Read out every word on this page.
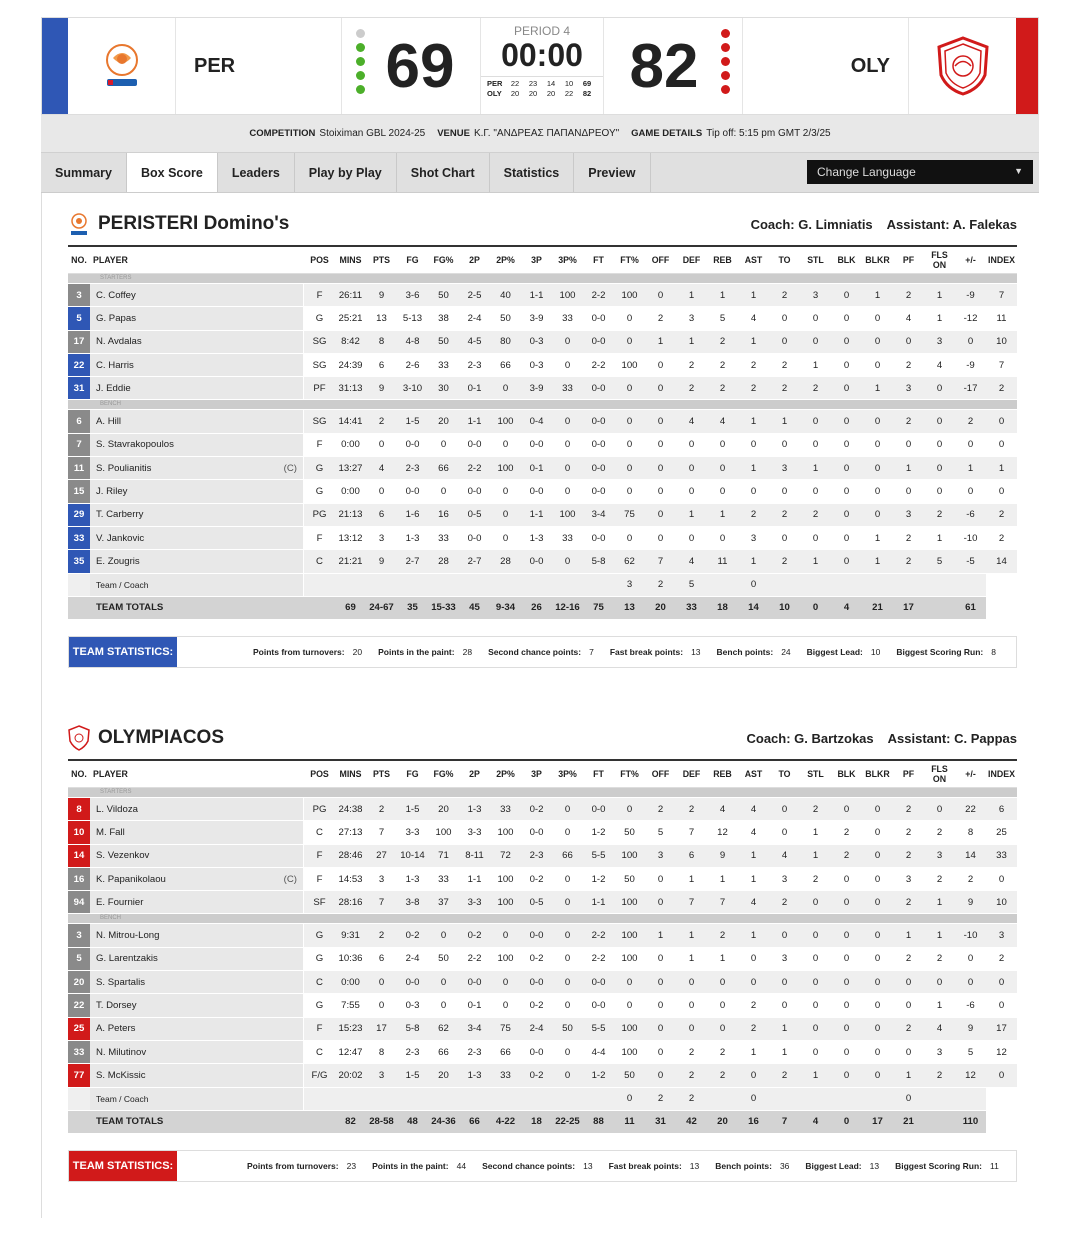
PER	69
PERIOD 4
00:00
PER 22 23 14 10 69
OLY 20 20 20 22 82 82	OLY
COMPETITION Stoiximan GBL 2024-25 VENUE Κ.Γ. "ΑΝΔΡΕΑΣ ΠΑΠΑΝΔΡΕΟΥ" GAME DETAILS Tip off: 5:15 pm GMT 2/3/25
Summary	Box Score	Leaders	Play by Play	Shot Chart	Statistics	Preview	Change Language	▼
PERISTERI Domino's	Coach: G. Limniatis Assistant: A. Falekas
NO.	PLAYER	POS	MINS	PTS	FG	FG%	2P	2P%	3P	3P%	FT	FT%	OFF	DEF	REB	AST	TO	STL	BLK	BLKR	PF	FLS ON	+/-	INDEX
STARTERS																								
3	C. Coffey	F	26:11	9	3-6	50	2-5	40	1-1	100	2-2	100	0	1	1	1	2	3	0	1	2	1	-9	7
5	G. Papas	G	25:21	13	5-13	38	2-4	50	3-9	33	0-0	0	2	3	5	4	0	0	0	0	4	1	-12	11
17	N. Avdalas	SG	8:42	8	4-8	50	4-5	80	0-3	0	0-0	0	1	1	2	1	0	0	0	0	0	3	0	10
22	C. Harris	SG	24:39	6	2-6	33	2-3	66	0-3	0	2-2	100	0	2	2	2	2	1	0	0	2	4	-9	7
31	J. Eddie	PF	31:13	9	3-10	30	0-1	0	3-9	33	0-0	0	0	2	2	2	2	2	0	1	3	0	-17	2
BENCH																								
6	A. Hill	SG	14:41	2	1-5	20	1-1	100	0-4	0	0-0	0	0	4	4	1	1	0	0	0	2	0	2	0
7	S. Stavrakopoulos	F	0:00	0	0-0	0	0-0	0	0-0	0	0-0	0	0	0	0	0	0	0	0	0	0	0	0	0
11	S. Poulianitis (C)	G	13:27	4	2-3	66	2-2	100	0-1	0	0-0	0	0	0	0	1	3	1	0	0	1	0	1	1
15	J. Riley	G	0:00	0	0-0	0	0-0	0	0-0	0	0-0	0	0	0	0	0	0	0	0	0	0	0	0	0
29	T. Carberry	PG	21:13	6	1-6	16	0-5	0	1-1	100	3-4	75	0	1	1	2	2	2	0	0	3	2	-6	2
33	V. Jankovic	F	13:12	3	1-3	33	0-0	0	1-3	33	0-0	0	0	0	0	3	0	0	0	1	2	1	-10	2
35	E. Zougris	C	21:21	9	2-7	28	2-7	28	0-0	0	5-8	62	7	4	11	1	2	1	0	1	2	5	-5	14
	Team / Coach											3	2	5		0								
	TEAM TOTALS		69	24-67	35	15-33	45	9-34	26	12-16	75	13	20	33	18	14	10	0	4	21	17		61	
TEAM STATISTICS:	Points from turnovers: 20 Points in the paint: 28 Second chance points: 7 Fast break points: 13 Bench points: 24 Biggest Lead: 10 Biggest Scoring Run: 8
OLYMPIACOS	Coach: G. Bartzokas Assistant: C. Pappas
NO.	PLAYER	POS	MINS	PTS	FG	FG%	2P	2P%	3P	3P%	FT	FT%	OFF	DEF	REB	AST	TO	STL	BLK	BLKR	PF	FLS ON	+/-	INDEX
STARTERS																								
8	L. Vildoza	PG	24:38	2	1-5	20	1-3	33	0-2	0	0-0	0	2	2	4	4	0	2	0	0	2	0	22	6
10	M. Fall	C	27:13	7	3-3	100	3-3	100	0-0	0	1-2	50	5	7	12	4	0	1	2	0	2	2	8	25
14	S. Vezenkov	F	28:46	27	10-14	71	8-11	72	2-3	66	5-5	100	3	6	9	1	4	1	2	0	2	3	14	33
16	K. Papanikolaou (C)	F	14:53	3	1-3	33	1-1	100	0-2	0	1-2	50	0	1	1	1	3	2	0	0	3	2	2	0
94	E. Fournier	SF	28:16	7	3-8	37	3-3	100	0-5	0	1-1	100	0	7	7	4	2	0	0	0	2	1	9	10
BENCH																								
3	N. Mitrou-Long	G	9:31	2	0-2	0	0-2	0	0-0	0	2-2	100	1	1	2	1	0	0	0	0	1	1	-10	3
5	G. Larentzakis	G	10:36	6	2-4	50	2-2	100	0-2	0	2-2	100	0	1	1	0	3	0	0	0	2	2	0	2
20	S. Spartalis	C	0:00	0	0-0	0	0-0	0	0-0	0	0-0	0	0	0	0	0	0	0	0	0	0	0	0	0
22	T. Dorsey	G	7:55	0	0-3	0	0-1	0	0-2	0	0-0	0	0	0	0	2	0	0	0	0	0	1	-6	0
25	A. Peters	F	15:23	17	5-8	62	3-4	75	2-4	50	5-5	100	0	0	0	2	1	0	0	0	2	4	9	17
33	N. Milutinov	C	12:47	8	2-3	66	2-3	66	0-0	0	4-4	100	0	2	2	1	1	0	0	0	0	3	5	12
77	S. McKissic	F/G	20:02	3	1-5	20	1-3	33	0-2	0	1-2	50	0	2	2	0	2	1	0	0	1	2	12	0
	Team / Coach											0	2	2		0					0			
	TEAM TOTALS		82	28-58	48	24-36	66	4-22	18	22-25	88	11	31	42	20	16	7	4	0	17	21		110	
TEAM STATISTICS:	Points from turnovers: 23 Points in the paint: 44 Second chance points: 13 Fast break points: 13 Bench points: 36 Biggest Lead: 13 Biggest Scoring Run: 11
